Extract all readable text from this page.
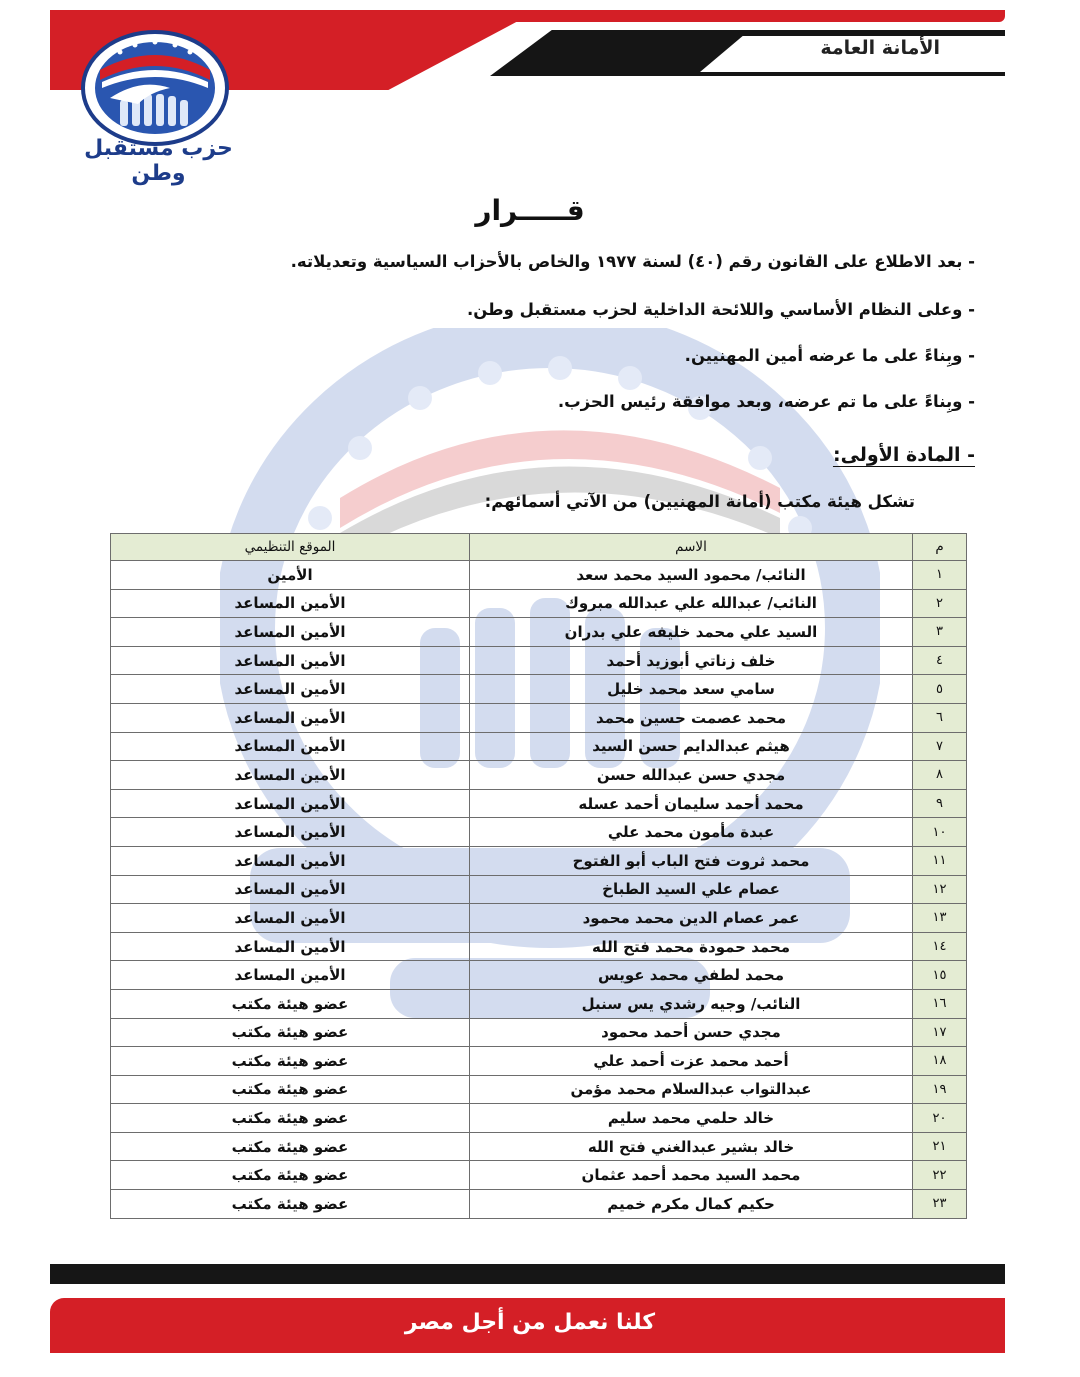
الأمانة العامة
حزب مستقبل وطن
قـــــرار
- بعد الاطلاع على القانون رقم (٤٠) لسنة ١٩٧٧ والخاص بالأحزاب السياسية وتعديلاته.
- وعلى النظام الأساسي واللائحة الداخلية لحزب مستقبل وطن.
- وبِناءً على ما عرضه أمين المهنيين.
- وبِناءً على ما تم عرضه، وبعد موافقة رئيس الحزب.
- المادة الأولى:
تشكل هيئة مكتب (أمانة المهنيين) من الآتي أسمائهم:
م	الاسم	الموقع التنظيمي
١	النائب/ محمود السيد محمد سعد	الأمين
٢	النائب/ عبدالله علي عبدالله مبروك	الأمين المساعد
٣	السيد علي محمد خليفه علي بدران	الأمين المساعد
٤	خلف زناتي أبوزيد أحمد	الأمين المساعد
٥	سامي سعد محمد خليل	الأمين المساعد
٦	محمد عصمت حسين محمد	الأمين المساعد
٧	هيثم عبدالدايم حسن السيد	الأمين المساعد
٨	مجدي حسن عبدالله حسن	الأمين المساعد
٩	محمد أحمد سليمان أحمد عسله	الأمين المساعد
١٠	عبدة مأمون محمد علي	الأمين المساعد
١١	محمد ثروت فتح الباب أبو الفتوح	الأمين المساعد
١٢	عصام علي السيد الطباخ	الأمين المساعد
١٣	عمر عصام الدين محمد محمود	الأمين المساعد
١٤	محمد حمودة محمد فتح الله	الأمين المساعد
١٥	محمد لطفي محمد عويس	الأمين المساعد
١٦	النائب/ وجيه رشدي يس سنبل	عضو هيئة مكتب
١٧	مجدي حسن أحمد محمود	عضو هيئة مكتب
١٨	أحمد محمد عزت أحمد علي	عضو هيئة مكتب
١٩	عبدالتواب عبدالسلام محمد مؤمن	عضو هيئة مكتب
٢٠	خالد حلمي محمد سليم	عضو هيئة مكتب
٢١	خالد بشير عبدالغني فتح الله	عضو هيئة مكتب
٢٢	محمد السيد محمد أحمد عثمان	عضو هيئة مكتب
٢٣	حكيم كمال مكرم خميم	عضو هيئة مكتب
كلنا نعمل من أجل مصر
